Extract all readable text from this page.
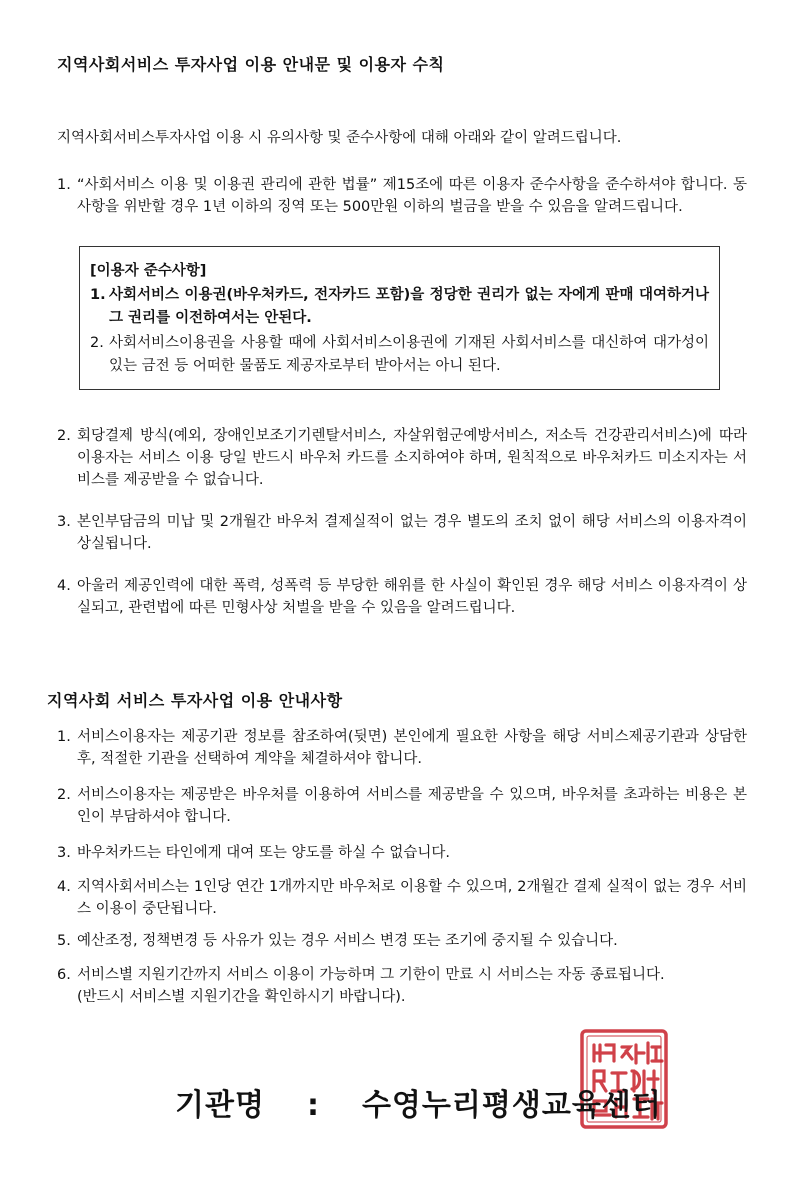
지역사회서비스 투자사업 이용 안내문 및 이용자 수칙
지역사회서비스투자사업 이용 시 유의사항 및 준수사항에 대해 아래와 같이 알려드립니다.
1. “사회서비스 이용 및 이용권 관리에 관한 법률” 제15조에 따른 이용자 준수사항을 준수하셔야 합니다. 동 사항을 위반할 경우 1년 이하의 징역 또는 500만원 이하의 벌금을 받을 수 있음을 알려드립니다.
[이용자 준수사항]
1. 사회서비스 이용권(바우처카드, 전자카드 포함)을 정당한 권리가 없는 자에게 판매 대여하거나 그 권리를 이전하여서는 안된다.
2. 사회서비스이용권을 사용할 때에 사회서비스이용권에 기재된 사회서비스를 대신하여 대가성이 있는 금전 등 어떠한 물품도 제공자로부터 받아서는 아니 된다.
2. 회당결제 방식(예외, 장애인보조기기렌탈서비스, 자살위험군예방서비스, 저소득 건강관리서비스)에 따라 이용자는 서비스 이용 당일 반드시 바우처 카드를 소지하여야 하며, 원칙적으로 바우처카드 미소지자는 서비스를 제공받을 수 없습니다.
3. 본인부담금의 미납 및 2개월간 바우처 결제실적이 없는 경우 별도의 조치 없이 해당 서비스의 이용자격이 상실됩니다.
4. 아울러 제공인력에 대한 폭력, 성폭력 등 부당한 해위를 한 사실이 확인된 경우 해당 서비스 이용자격이 상실되고, 관련법에 따른 민형사상 처벌을 받을 수 있음을 알려드립니다.
지역사회 서비스 투자사업 이용 안내사항
1. 서비스이용자는 제공기관 정보를 참조하여(뒷면) 본인에게 필요한 사항을 해당 서비스제공기관과 상담한 후, 적절한 기관을 선택하여 계약을 체결하셔야 합니다.
2. 서비스이용자는 제공받은 바우처를 이용하여 서비스를 제공받을 수 있으며, 바우처를 초과하는 비용은 본인이 부담하셔야 합니다.
3. 바우처카드는 타인에게 대여 또는 양도를 하실 수 없습니다.
4. 지역사회서비스는 1인당 연간 1개까지만 바우처로 이용할 수 있으며, 2개월간 결제 실적이 없는 경우 서비스 이용이 중단됩니다.
5. 예산조정, 정책변경 등 사유가 있는 경우 서비스 변경 또는 조기에 중지될 수 있습니다.
6. 서비스별 지원기간까지 서비스 이용이 가능하며 그 기한이 만료 시 서비스는 자동 종료됩니다.
(반드시 서비스별 지원기간을 확인하시기 바랍니다).
기관명 : 수영누리평생교육센터
